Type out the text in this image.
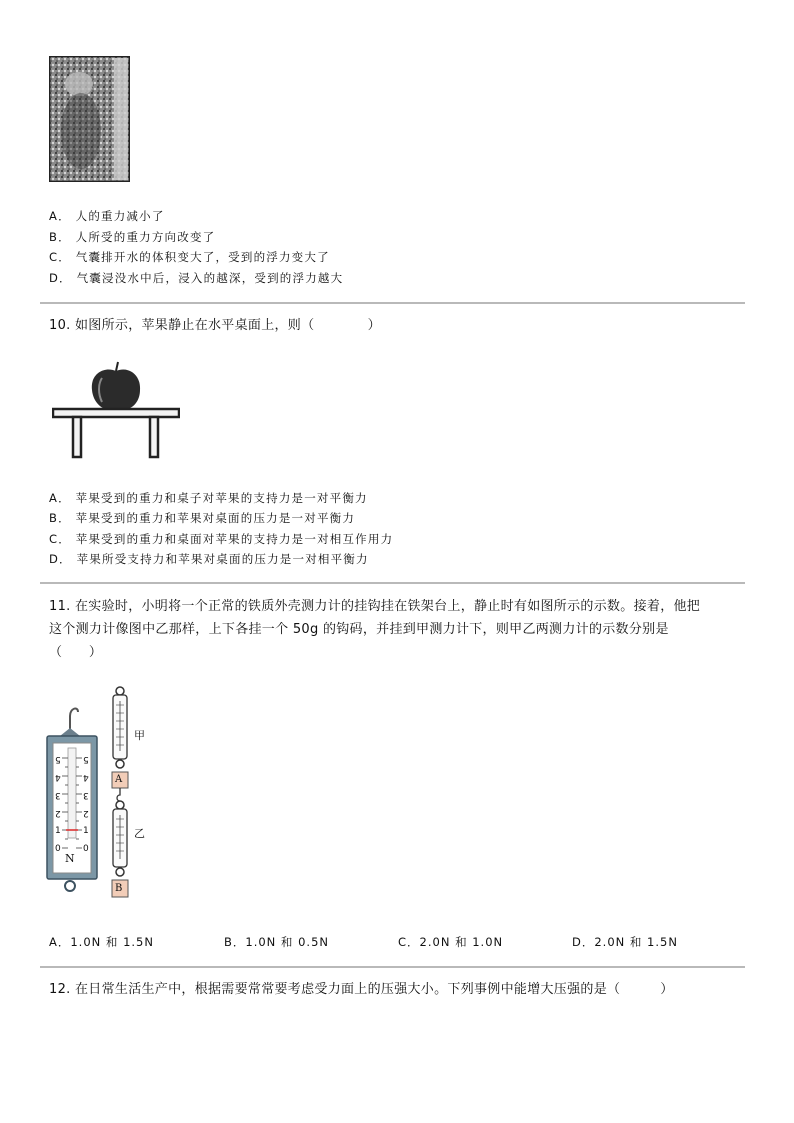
A． 人的重力减小了
B． 人所受的重力方向改变了
C． 气囊排开水的体积变大了，受到的浮力变大了
D． 气囊浸没水中后，浸入的越深，受到的浮力越大
10. 如图所示，苹果静止在水平桌面上，则（　　　　）
A． 苹果受到的重力和桌子对苹果的支持力是一对平衡力
B． 苹果受到的重力和苹果对桌面的压力是一对平衡力
C． 苹果受到的重力和桌面对苹果的支持力是一对相互作用力
D． 苹果所受支持力和苹果对桌面的压力是一对相平衡力
11. 在实验时，小明将一个正常的铁质外壳测力计的挂钩挂在铁架台上，静止时有如图所示的示数。接着，他把
这个测力计像图中乙那样，上下各挂一个 50g 的钩码，并挂到甲测力计下，则甲乙两测力计的示数分别是
（　　）
5
4
3
2
1
0
5
4
3
2
1
0
N
甲
乙
A
B
A．1.0N 和 1.5N	B．1.0N 和 0.5N	C．2.0N 和 1.0N	D．2.0N 和 1.5N
12. 在日常生活生产中，根据需要常常要考虑受力面上的压强大小。下列事例中能增大压强的是（　　　）
